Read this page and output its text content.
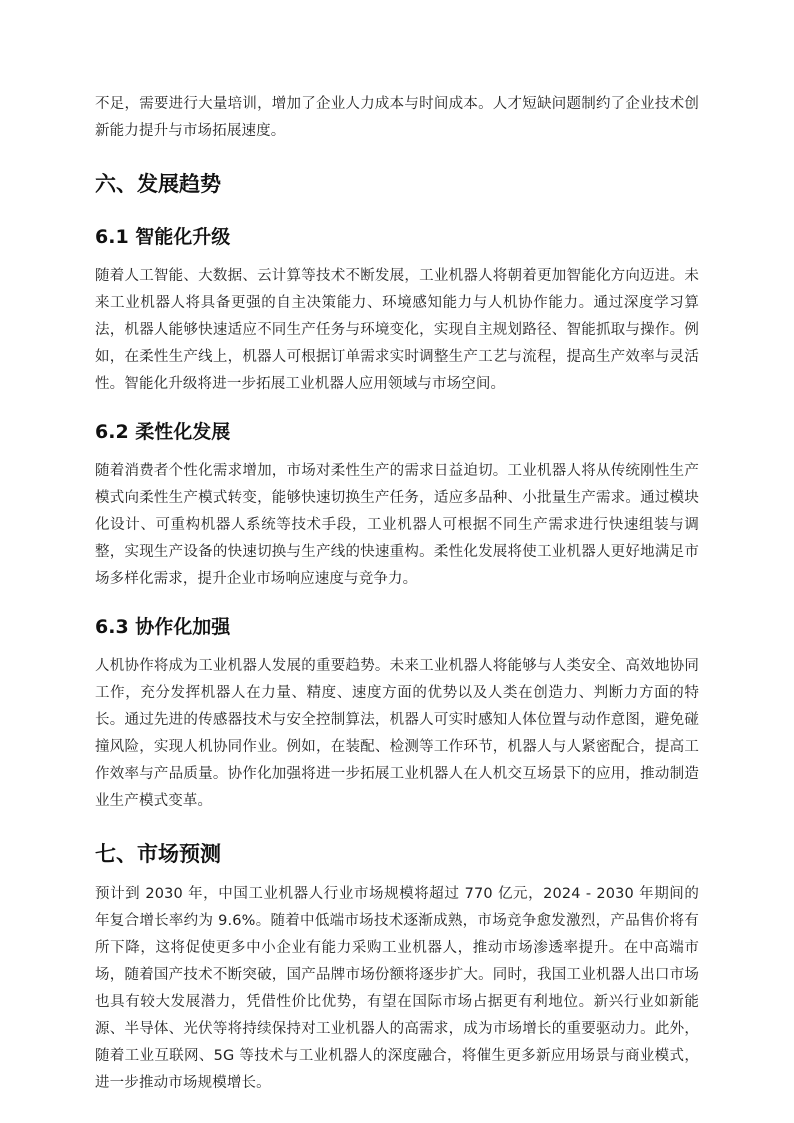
不足，需要进行大量培训，增加了企业人力成本与时间成本。人才短缺问题制约了企业技术创新能力提升与市场拓展速度。

六、发展趋势
6.1 智能化升级

随着人工智能、大数据、云计算等技术不断发展，工业机器人将朝着更加智能化方向迈进。未来工业机器人将具备更强的自主决策能力、环境感知能力与人机协作能力。通过深度学习算法，机器人能够快速适应不同生产任务与环境变化，实现自主规划路径、智能抓取与操作。例如，在柔性生产线上，机器人可根据订单需求实时调整生产工艺与流程，提高生产效率与灵活性。智能化升级将进一步拓展工业机器人应用领域与市场空间。

6.2 柔性化发展

随着消费者个性化需求增加，市场对柔性生产的需求日益迫切。工业机器人将从传统刚性生产模式向柔性生产模式转变，能够快速切换生产任务，适应多品种、小批量生产需求。通过模块化设计、可重构机器人系统等技术手段，工业机器人可根据不同生产需求进行快速组装与调整，实现生产设备的快速切换与生产线的快速重构。柔性化发展将使工业机器人更好地满足市场多样化需求，提升企业市场响应速度与竞争力。

6.3 协作化加强

人机协作将成为工业机器人发展的重要趋势。未来工业机器人将能够与人类安全、高效地协同工作，充分发挥机器人在力量、精度、速度方面的优势以及人类在创造力、判断力方面的特长。通过先进的传感器技术与安全控制算法，机器人可实时感知人体位置与动作意图，避免碰撞风险，实现人机协同作业。例如，在装配、检测等工作环节，机器人与人紧密配合，提高工作效率与产品质量。协作化加强将进一步拓展工业机器人在人机交互场景下的应用，推动制造业生产模式变革。

七、市场预测

预计到 2030 年，中国工业机器人行业市场规模将超过 770 亿元，2024 - 2030 年期间的年复合增长率约为 9.6%。随着中低端市场技术逐渐成熟，市场竞争愈发激烈，产品售价将有所下降，这将促使更多中小企业有能力采购工业机器人，推动市场渗透率提升。在中高端市场，随着国产技术不断突破，国产品牌市场份额将逐步扩大。同时，我国工业机器人出口市场也具有较大发展潜力，凭借性价比优势，有望在国际市场占据更有利地位。新兴行业如新能源、半导体、光伏等将持续保持对工业机器人的高需求，成为市场增长的重要驱动力。此外，随着工业互联网、5G 等技术与工业机器人的深度融合，将催生更多新应用场景与商业模式，进一步推动市场规模增长。
